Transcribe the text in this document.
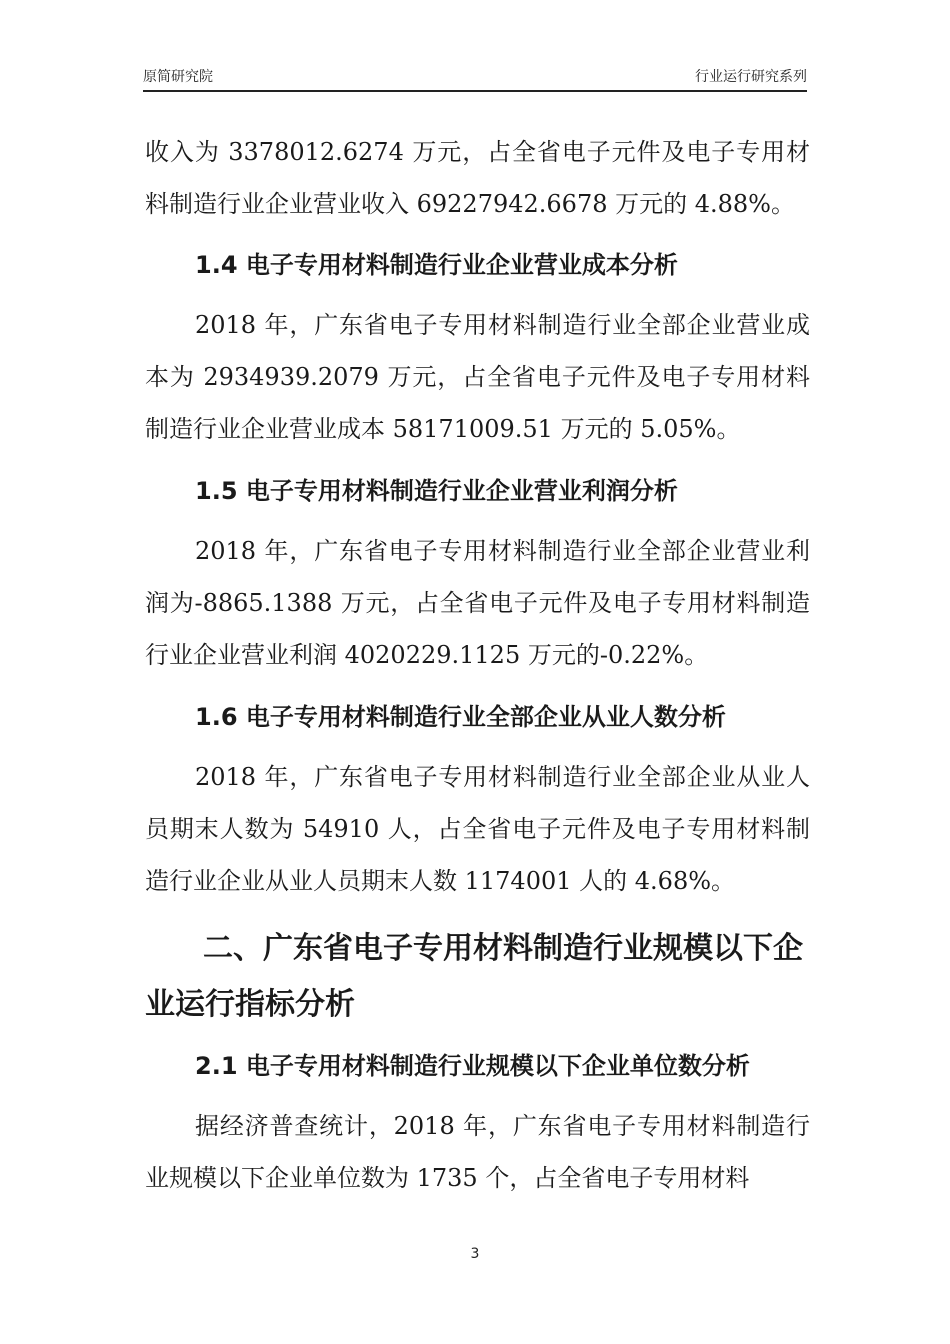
原简研究院	行业运行研究系列

收入为 3378012.6274 万元，占全省电子元件及电子专用材料制造行业企业营业收入 69227942.6678 万元的 4.88%。

1.4 电子专用材料制造行业企业营业成本分析

2018 年，广东省电子专用材料制造行业全部企业营业成本为 2934939.2079 万元，占全省电子元件及电子专用材料制造行业企业营业成本 58171009.51 万元的 5.05%。

1.5 电子专用材料制造行业企业营业利润分析

2018 年，广东省电子专用材料制造行业全部企业营业利润为-8865.1388 万元，占全省电子元件及电子专用材料制造行业企业营业利润 4020229.1125 万元的-0.22%。

1.6 电子专用材料制造行业全部企业从业人数分析

2018 年，广东省电子专用材料制造行业全部企业从业人员期末人数为 54910 人，占全省电子元件及电子专用材料制造行业企业从业人员期末人数 1174001 人的 4.68%。

二、广东省电子专用材料制造行业规模以下企业运行指标分析
2.1 电子专用材料制造行业规模以下企业单位数分析

据经济普查统计，2018 年，广东省电子专用材料制造行业规模以下企业单位数为 1735 个，占全省电子专用材料

3
